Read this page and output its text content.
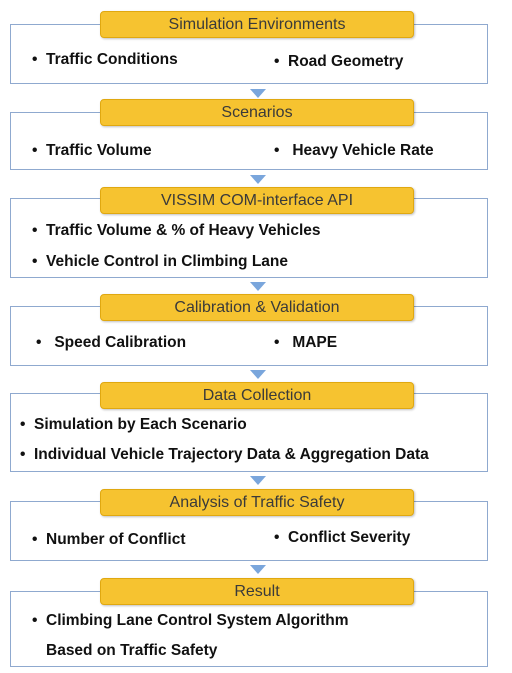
Simulation Environments
• Traffic Conditions	• Road Geometry
Scenarios
• Traffic Volume	• Heavy Vehicle Rate
VISSIM COM-interface API
• Traffic Volume & % of Heavy Vehicles
• Vehicle Control in Climbing Lane
Calibration & Validation
• Speed Calibration	• MAPE
Data Collection
• Simulation by Each Scenario
• Individual Vehicle Trajectory Data & Aggregation Data
Analysis of Traffic Safety
• Number of Conflict	• Conflict Severity
Result
• Climbing Lane Control System Algorithm
Based on Traffic Safety
